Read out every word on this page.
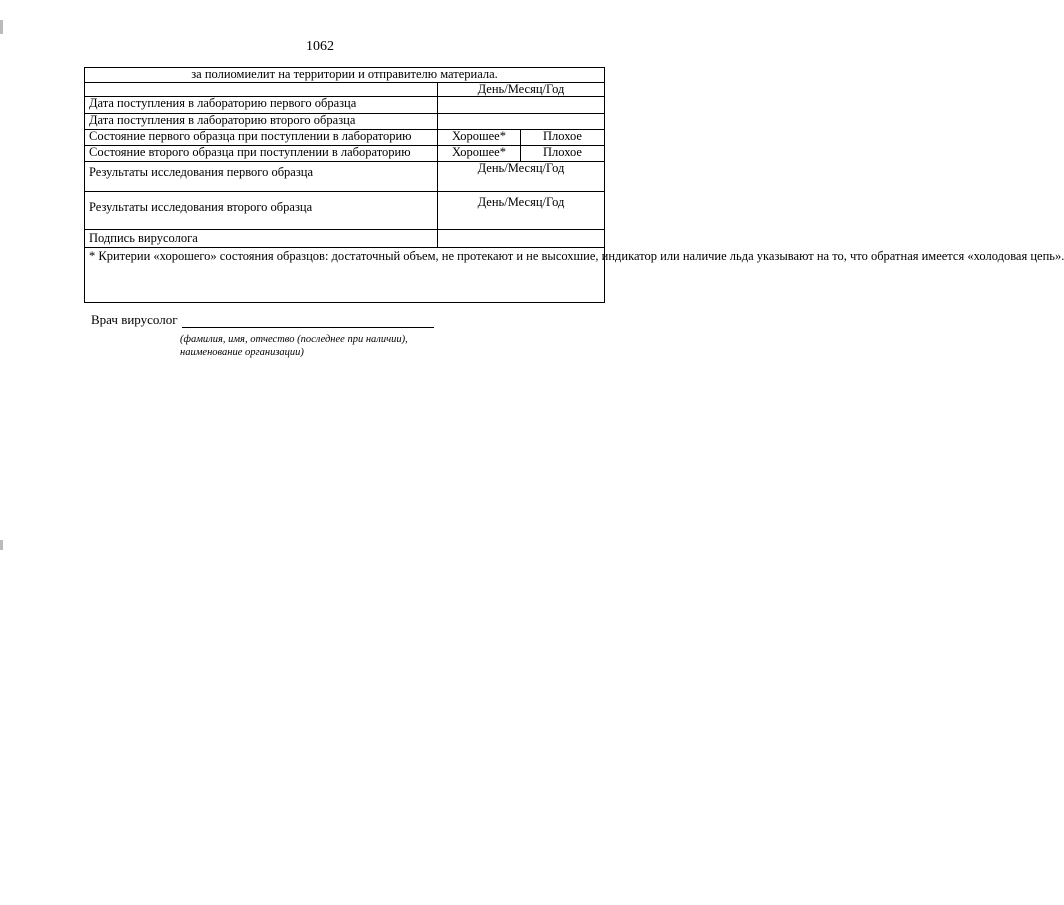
1062
за полиомиелит на территории и отправителю материала.		
	День/Месяц/Год	
Дата поступления в лабораторию первого образца		
Дата поступления в лабораторию второго образца		
Состояние первого образца при поступлении в лабораторию	Хорошее*	Плохое
Состояние второго образца при поступлении в лабораторию	Хорошее*	Плохое
Результаты исследования первого образца	День/Месяц/Год	
Результаты исследования второго образца	День/Месяц/Год	
Подпись вирусолога		
* Критерии «хорошего» состояния образцов: достаточный объем, не протекают и не высохшие, индикатор или наличие льда указывают на то, что обратная имеется «холодовая цепь».		
Врач вирусолог
(фамилия, имя, отчество (последнее при наличии),
наименование организации)
